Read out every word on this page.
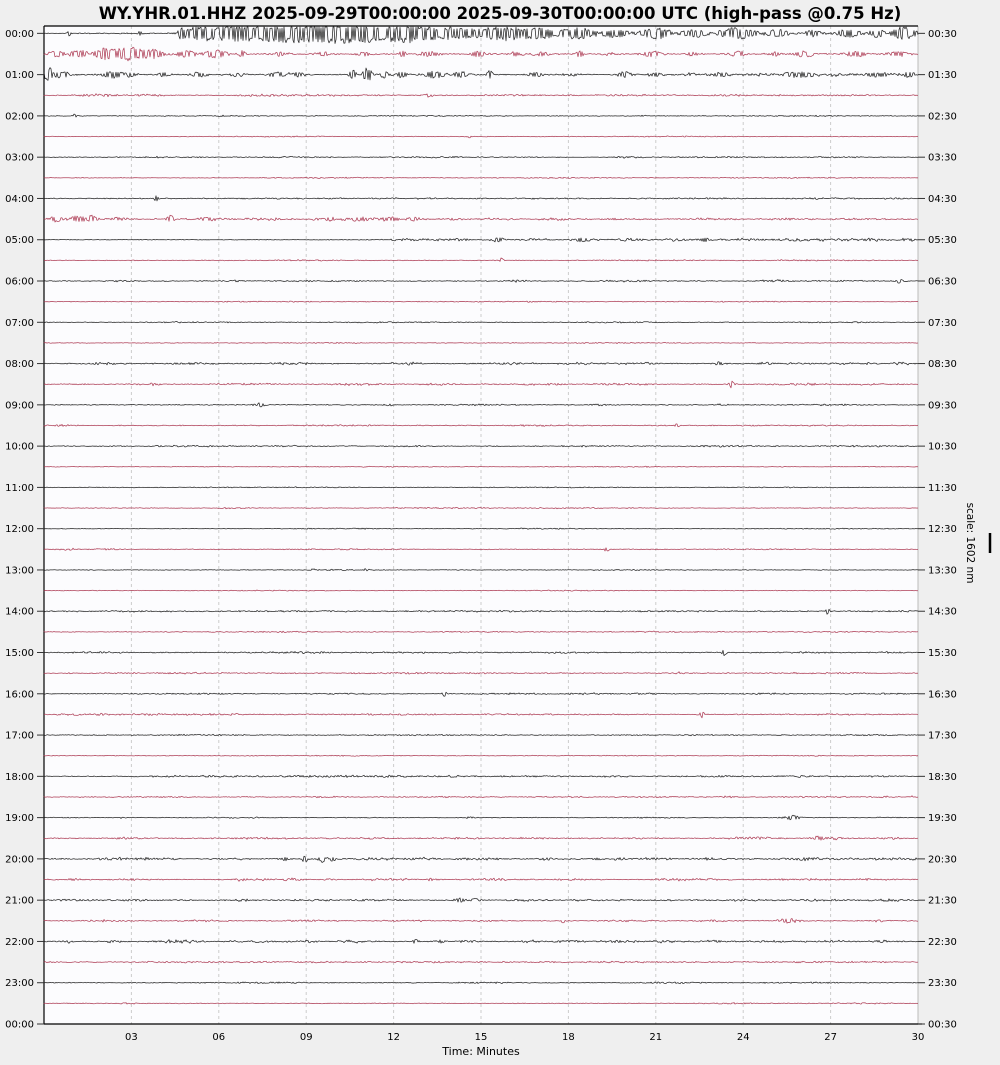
WY.YHR.01.HHZ 2025-09-29T00:00:00 2025-09-30T00:00:00 UTC (high-pass @0.75 Hz)
Time: Minutes
scale: 1602 nm
03	06	09	12	15	18	21	24	27	30
00:00
01:00
02:00
03:00
04:00
05:00
06:00
07:00
08:00
09:00
10:00
11:00
12:00
13:00
14:00
15:00
16:00
17:00
18:00
19:00
20:00
21:00
22:00
23:00
00:00
00:30
01:30
02:30
03:30
04:30
05:30
06:30
07:30
08:30
09:30
10:30
11:30
12:30
13:30
14:30
15:30
16:30
17:30
18:30
19:30
20:30
21:30
22:30
23:30
00:30
